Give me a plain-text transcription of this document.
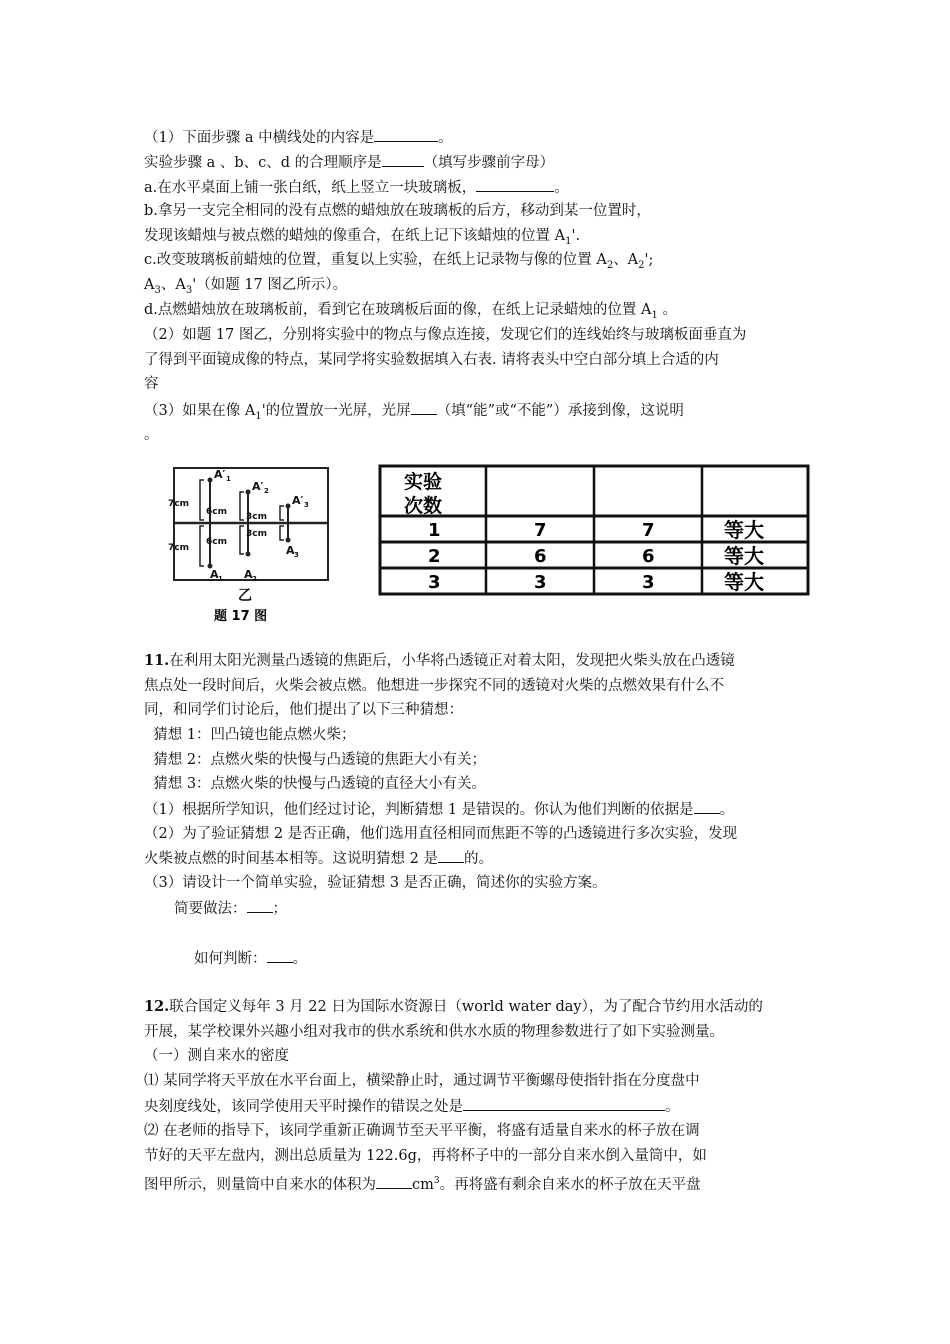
（1）下面步骤 a 中横线处的内容是	。
实验步骤 a 、b、c、d 的合理顺序是	（填写步骤前字母）
a.在水平桌面上铺一张白纸，纸上竖立一块玻璃板，	。
b.拿另一支完全相同的没有点燃的蜡烛放在玻璃板的后方，移动到某一位置时，
发现该蜡烛与被点燃的蜡烛的像重合，在纸上记下该蜡烛的位置 $A_1'$.
c.改变玻璃板前蜡烛的位置，重复以上实验，在纸上记录物与像的位置 $A_2$、$A_2'$;
$A_3$、$A_3'$（如题 17 图乙所示）。
d.点燃蜡烛放在玻璃板前，看到它在玻璃板后面的像，在纸上记录蜡烛的位置 $A_1$ 。
（2）如题 17 图乙，分别将实验中的物点与像点连接，发现它们的连线始终与玻璃板面垂直为
了得到平面镜成像的特点，某同学将实验数据填入右表. 请将表头中空白部分填上合适的内
容
（3）如果在像 $A_1'$的位置放一光屏，光屏 （填“能”或“不能”）承接到像，这说明
。
7cm
7cm
6cm
6cm
3cm
3cm
A′ 1
A′ 2
A′ 3
A 1 A 2
A 3
乙
题 17 图
实验
次数
1	7	7	等大
2	6	6	等大
3	3	3	等大
11.在利用太阳光测量凸透镜的焦距后，小华将凸透镜正对着太阳，发现把火柴头放在凸透镜
焦点处一段时间后，火柴会被点燃。他想进一步探究不同的透镜对火柴的点燃效果有什么不
同，和同学们讨论后，他们提出了以下三种猜想：
猜想 1：凹凸镜也能点燃火柴；
猜想 2：点燃火柴的快慢与凸透镜的焦距大小有关；
猜想 3：点燃火柴的快慢与凸透镜的直径大小有关。
（1）根据所学知识，他们经过讨论，判断猜想 1 是错误的。你认为他们判断的依据是 。
（2）为了验证猜想 2 是否正确，他们选用直径相同而焦距不等的凸透镜进行多次实验，发现
火柴被点燃的时间基本相等。这说明猜想 2 是 的。
（3）请设计一个简单实验，验证猜想 3 是否正确，简述你的实验方案。
简要做法： ；
如何判断： 。
12.联合国定义每年 3 月 22 日为国际水资源日（world water day），为了配合节约用水活动的
开展，某学校课外兴趣小组对我市的供水系统和供水水质的物理参数进行了如下实验测量。
（一）测自来水的密度
⑴ 某同学将天平放在水平台面上，横梁静止时，通过调节平衡螺母使指针指在分度盘中
央刻度线处，该同学使用天平时操作的错误之处是	。
⑵ 在老师的指导下，该同学重新正确调节至天平平衡，将盛有适量自来水的杯子放在调
节好的天平左盘内，测出总质量为 122.6g，再将杯子中的一部分自来水倒入量筒中，如
图甲所示，则量筒中自来水的体积为 $cm^3$。再将盛有剩余自来水的杯子放在天平盘
